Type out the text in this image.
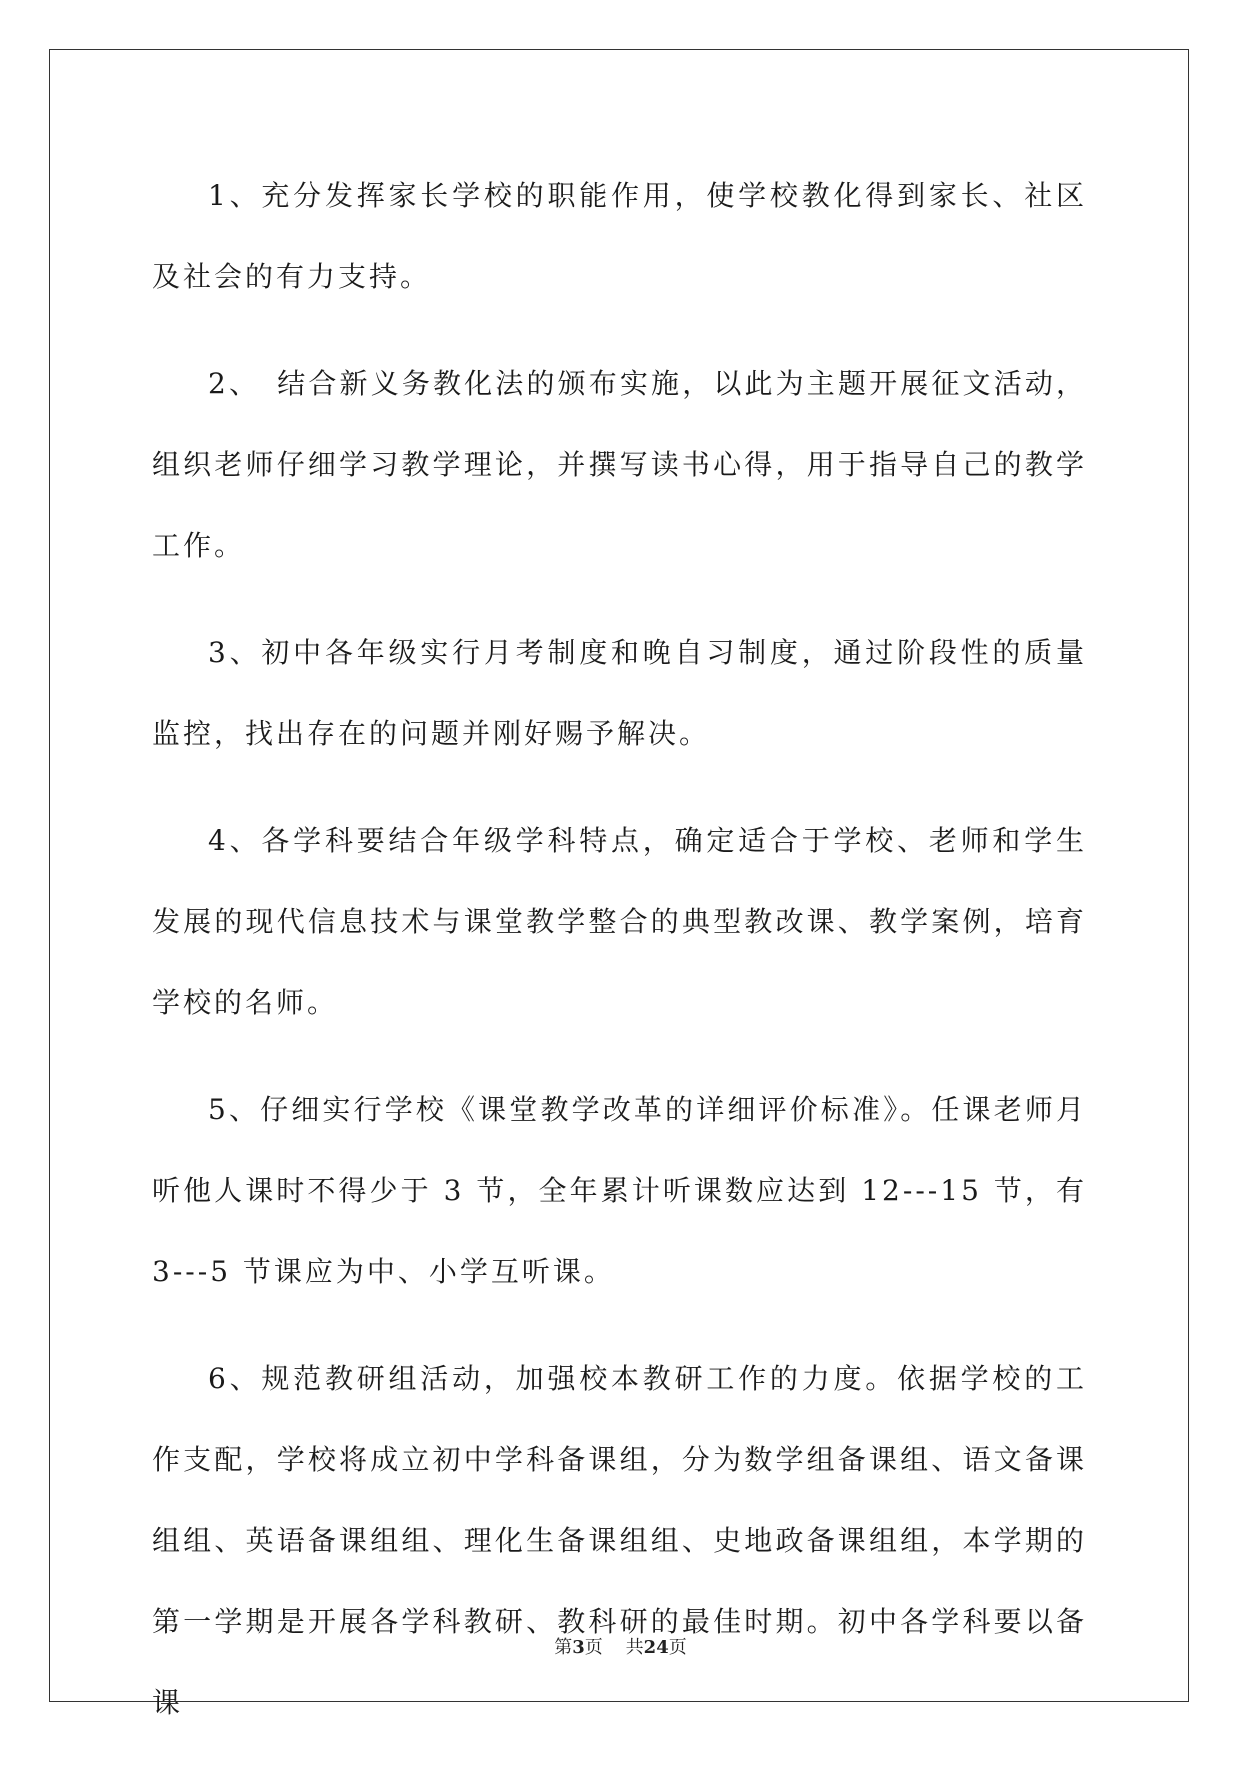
1、充分发挥家长学校的职能作用，使学校教化得到家长、社区及社会的有力支持。

2、　结合新义务教化法的颁布实施，以此为主题开展征文活动，组织老师仔细学习教学理论，并撰写读书心得，用于指导自己的教学工作。

3、初中各年级实行月考制度和晚自习制度，通过阶段性的质量监控，找出存在的问题并刚好赐予解决。

4、各学科要结合年级学科特点，确定适合于学校、老师和学生发展的现代信息技术与课堂教学整合的典型教改课、教学案例，培育学校的名师。

5、仔细实行学校《课堂教学改革的详细评价标准》。任课老师月听他人课时不得少于 3 节，全年累计听课数应达到 12---15 节，有 3---5 节课应为中、小学互听课。

6、规范教研组活动，加强校本教研工作的力度。依据学校的工作支配，学校将成立初中学科备课组，分为数学组备课组、语文备课组组、英语备课组组、理化生备课组组、史地政备课组组，本学期的第一学期是开展各学科教研、教科研的最佳时期。初中各学科要以备课

第3页 共24页
